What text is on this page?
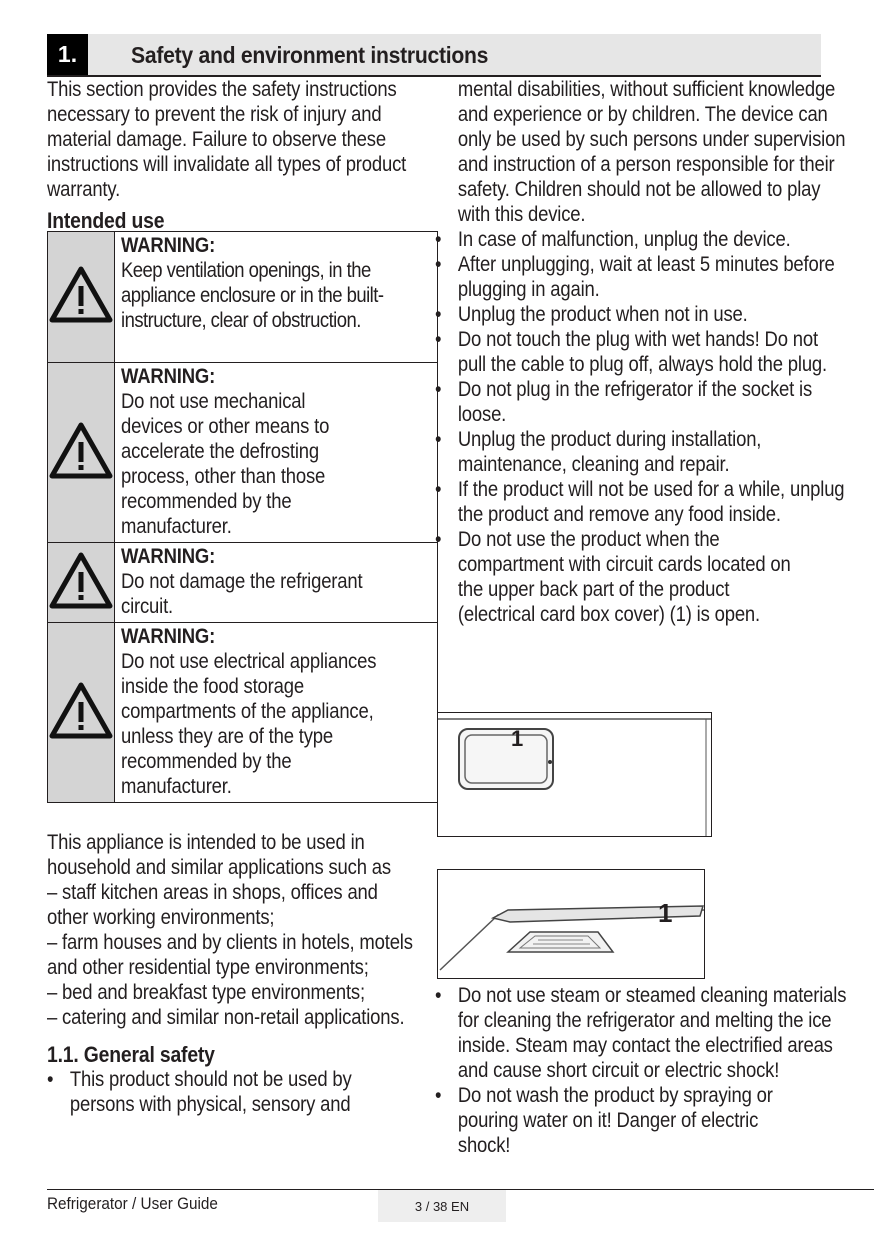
1.	Safety and environment instructions

This section provides the safety instructions necessary to prevent the risk of injury and material damage. Failure to observe these instructions will invalidate all types of product warranty.

Intended use

WARNING:
Keep ventilation openings, in the appliance enclosure or in the built-instructure, clear of obstruction.

WARNING:
Do not use mechanical devices or other means to accelerate the defrosting process, other than those recommended by the manufacturer.

WARNING:
Do not damage the refrigerant circuit.

WARNING:
Do not use electrical appliances inside the food storage compartments of the appliance, unless they are of the type recommended by the manufacturer.

This appliance is intended to be used in household and similar applications such as

– staff kitchen areas in shops, offices and other working environments;

– farm houses and by clients in hotels, motels and other residential type environments;

– bed and breakfast type environments;

– catering and similar non-retail applications.

1.1. General safety
• This product should not be used by persons with physical, sensory and

mental disabilities, without sufficient knowledge and experience or by children. The device can only be used by such persons under supervision and instruction of a person responsible for their safety. Children should not be allowed to play with this device.

• In case of malfunction, unplug the device.
• After unplugging, wait at least 5 minutes before plugging in again.
• Unplug the product when not in use.
• Do not touch the plug with wet hands! Do not pull the cable to plug off, always hold the plug.
• Do not plug in the refrigerator if the socket is loose.
• Unplug the product during installation, maintenance, cleaning and repair.
• If the product will not be used for a while, unplug the product and remove any food inside.
• Do not use the product when the compartment with circuit cards located on the upper back part of the product (electrical card box cover) (1) is open.
1
1
• Do not use steam or steamed cleaning materials for cleaning the refrigerator and melting the ice inside. Steam may contact the electrified areas and cause short circuit or electric shock!
• Do not wash the product by spraying or pouring water on it! Danger of electric shock!
Refrigerator / User Guide	3 / 38 EN
